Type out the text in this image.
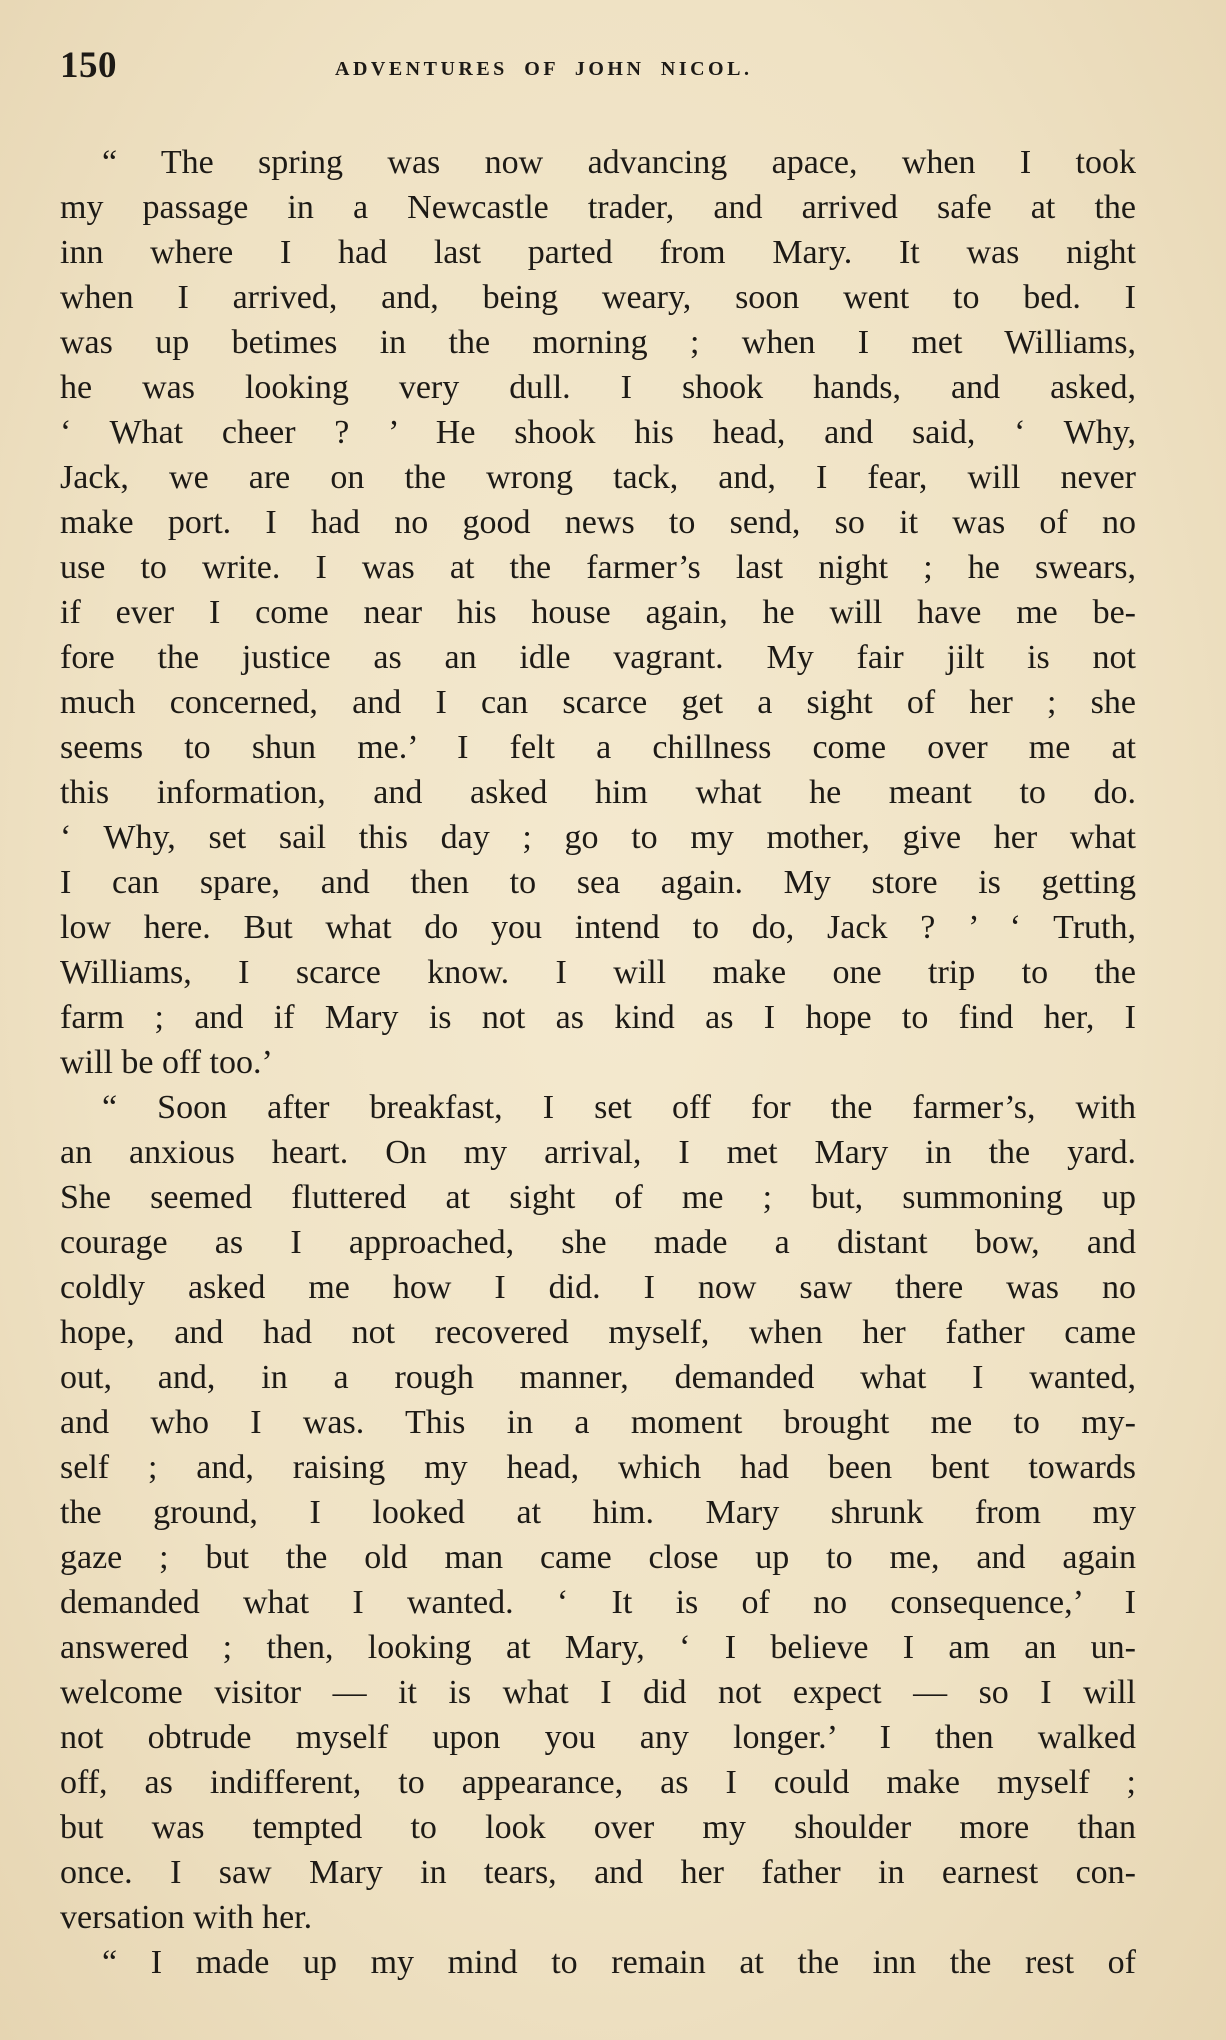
150	ADVENTURES OF JOHN NICOL.
“ The spring was now advancing apace, when I took
my passage in a Newcastle trader, and arrived safe at the
inn where I had last parted from Mary. It was night
when I arrived, and, being weary, soon went to bed. I
was up betimes in the morning ; when I met Williams,
he was looking very dull. I shook hands, and asked,
‘ What cheer ? ’ He shook his head, and said, ‘ Why,
Jack, we are on the wrong tack, and, I fear, will never
make port. I had no good news to send, so it was of no
use to write. I was at the farmer’s last night ; he swears,
if ever I come near his house again, he will have me be-
fore the justice as an idle vagrant. My fair jilt is not
much concerned, and I can scarce get a sight of her ; she
seems to shun me.’ I felt a chillness come over me at
this information, and asked him what he meant to do.
‘ Why, set sail this day ; go to my mother, give her what
I can spare, and then to sea again. My store is getting
low here. But what do you intend to do, Jack ? ’ ‘ Truth,
Williams, I scarce know. I will make one trip to the
farm ; and if Mary is not as kind as I hope to find her, I
will be off too.’
“ Soon after breakfast, I set off for the farmer’s, with
an anxious heart. On my arrival, I met Mary in the yard.
She seemed fluttered at sight of me ; but, summoning up
courage as I approached, she made a distant bow, and
coldly asked me how I did. I now saw there was no
hope, and had not recovered myself, when her father came
out, and, in a rough manner, demanded what I wanted,
and who I was. This in a moment brought me to my-
self ; and, raising my head, which had been bent towards
the ground, I looked at him. Mary shrunk from my
gaze ; but the old man came close up to me, and again
demanded what I wanted. ‘ It is of no consequence,’ I
answered ; then, looking at Mary, ‘ I believe I am an un-
welcome visitor — it is what I did not expect — so I will
not obtrude myself upon you any longer.’ I then walked
off, as indifferent, to appearance, as I could make myself ;
but was tempted to look over my shoulder more than
once. I saw Mary in tears, and her father in earnest con-
versation with her.
“ I made up my mind to remain at the inn the rest of
